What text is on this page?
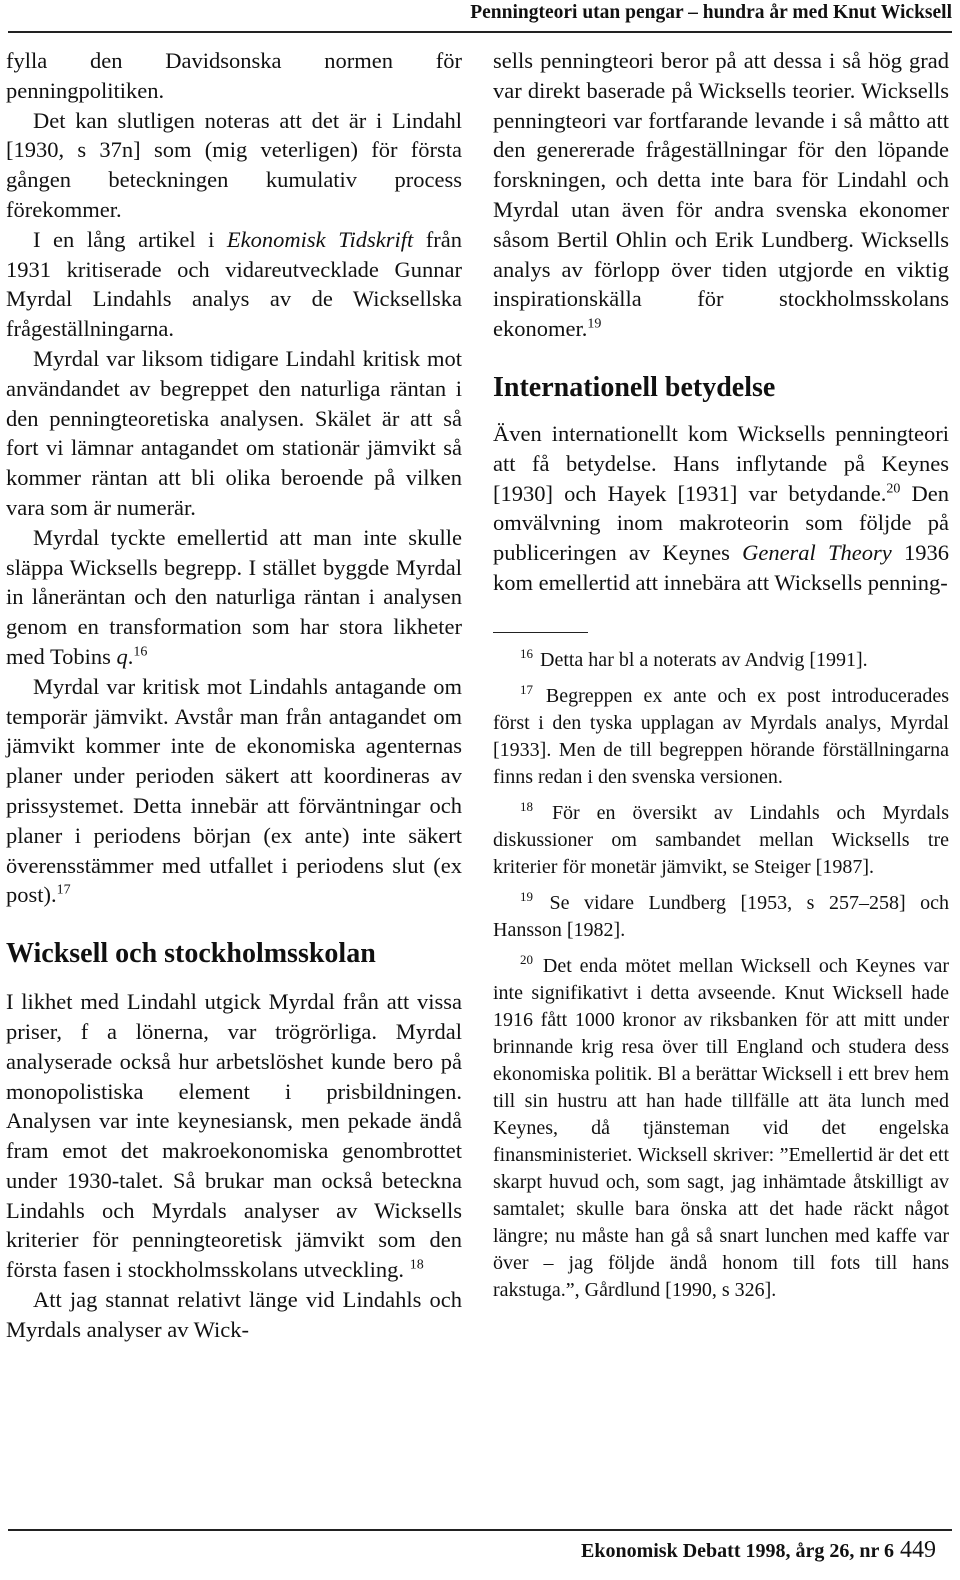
Penningteori utan pengar – hundra år med Knut Wicksell

fylla den Davidsonska normen för penningpolitiken.

Det kan slutligen noteras att det är i Lindahl [1930, s 37n] som (mig veterligen) för första gången beteckningen kumulativ process förekommer.

I en lång artikel i Ekonomisk Tidskrift från 1931 kritiserade och vidareutvecklade Gunnar Myrdal Lindahls analys av de Wicksellska frågeställningarna.

Myrdal var liksom tidigare Lindahl kritisk mot användandet av begreppet den naturliga räntan i den penningteoretiska analysen. Skälet är att så fort vi lämnar antagandet om stationär jämvikt så kommer räntan att bli olika beroende på vilken vara som är numerär.

Myrdal tyckte emellertid att man inte skulle släppa Wicksells begrepp. I stället byggde Myrdal in låneräntan och den naturliga räntan i analysen genom en transformation som har stora likheter med Tobins q.$^{16}$

Myrdal var kritisk mot Lindahls antagande om temporär jämvikt. Avstår man från antagandet om jämvikt kommer inte de ekonomiska agenternas planer under perioden säkert att koordineras av prissystemet. Detta innebär att förväntningar och planer i periodens början (ex ante) inte säkert överensstämmer med utfallet i periodens slut (ex post).$^{17}$

Wicksell och stockholmsskolan

I likhet med Lindahl utgick Myrdal från att vissa priser, f a lönerna, var trögrörliga. Myrdal analyserade också hur arbetslöshet kunde bero på monopolistiska element i prisbildningen. Analysen var inte keynesiansk, men pekade ändå fram emot det makroekonomiska genombrottet under 1930-talet. Så brukar man också beteckna Lindahls och Myrdals analyser av Wicksells kriterier för penningteoretisk jämvikt som den första fasen i stockholmsskolans utveckling. $^{18}$

Att jag stannat relativt länge vid Lindahls och Myrdals analyser av Wick-

sells penningteori beror på att dessa i så hög grad var direkt baserade på Wicksells teorier. Wicksells penningteori var fortfarande levande i så måtto att den genererade frågeställningar för den löpande forskningen, och detta inte bara för Lindahl och Myrdal utan även för andra svenska ekonomer såsom Bertil Ohlin och Erik Lundberg. Wicksells analys av förlopp över tiden utgjorde en viktig inspirationskälla för stockholmsskolans ekonomer.$^{19}$

Internationell betydelse

Även internationellt kom Wicksells penningteori att få betydelse. Hans inflytande på Keynes [1930] och Hayek [1931] var betydande.$^{20}$ Den omvälvning inom makroteorin som följde på publiceringen av Keynes General Theory 1936 kom emellertid att innebära att Wicksells penning-

$^{16}$ Detta har bl a noterats av Andvig [1991].

$^{17}$ Begreppen ex ante och ex post introducerades först i den tyska upplagan av Myrdals analys, Myrdal [1933]. Men de till begreppen hörande förställningarna finns redan i den svenska versionen.

$^{18}$ För en översikt av Lindahls och Myrdals diskussioner om sambandet mellan Wicksells tre kriterier för monetär jämvikt, se Steiger [1987].

$^{19}$ Se vidare Lundberg [1953, s 257–258] och Hansson [1982].

$^{20}$ Det enda mötet mellan Wicksell och Keynes var inte signifikativt i detta avseende. Knut Wicksell hade 1916 fått 1000 kronor av riksbanken för att mitt under brinnande krig resa över till England och studera dess ekonomiska politik. Bl a berättar Wicksell i ett brev hem till sin hustru att han hade tillfälle att äta lunch med Keynes, då tjänsteman vid det engelska finansministeriet. Wicksell skriver: ”Emellertid är det ett skarpt huvud och, som sagt, jag inhämtade åtskilligt av samtalet; skulle bara önska att det hade räckt något längre; nu måste han gå så snart lunchen med kaffe var över – jag följde ändå honom till fots till hans rakstuga.”, Gårdlund [1990, s 326].

Ekonomisk Debatt 1998, årg 26, nr 6 449
